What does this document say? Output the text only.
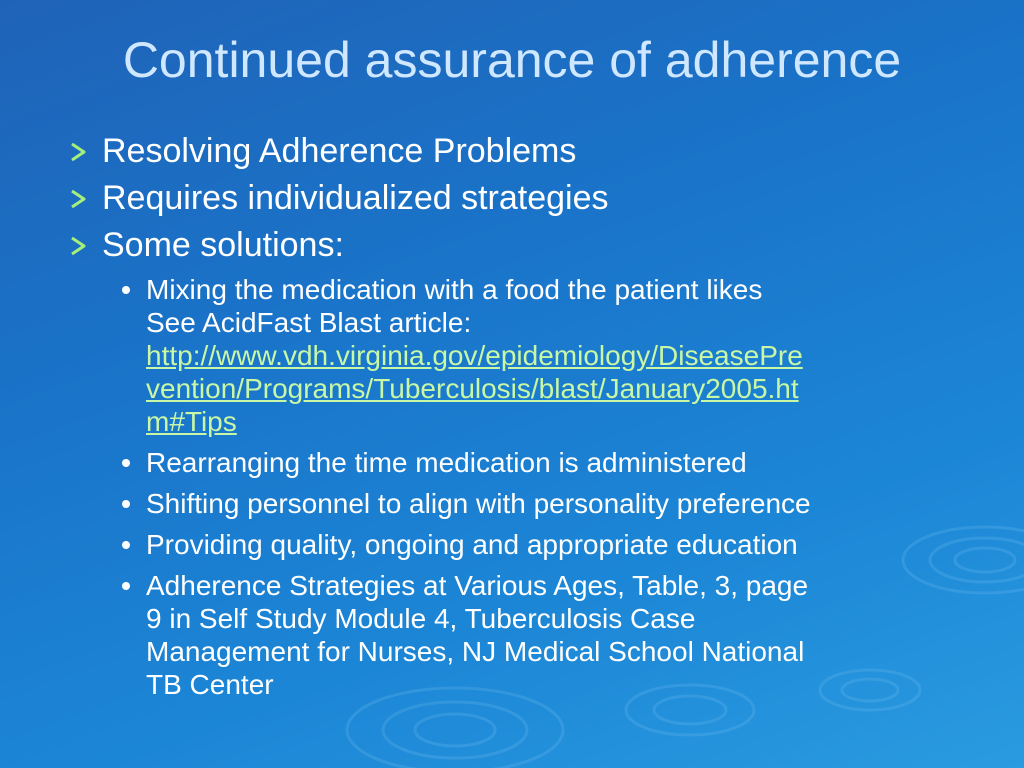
Continued assurance of adherence
Resolving Adherence Problems
Requires individualized strategies
Some solutions:
Mixing the medication with a food the patient likes
See AcidFast Blast article:
http://www.vdh.virginia.gov/epidemiology/DiseasePre
vention/Programs/Tuberculosis/blast/January2005.ht
m#Tips
Rearranging the time medication is administered
Shifting personnel to align with personality preference
Providing quality, ongoing and appropriate education
Adherence Strategies at Various Ages, Table, 3, page
9 in Self Study Module 4, Tuberculosis Case
Management for Nurses, NJ Medical School National
TB Center
